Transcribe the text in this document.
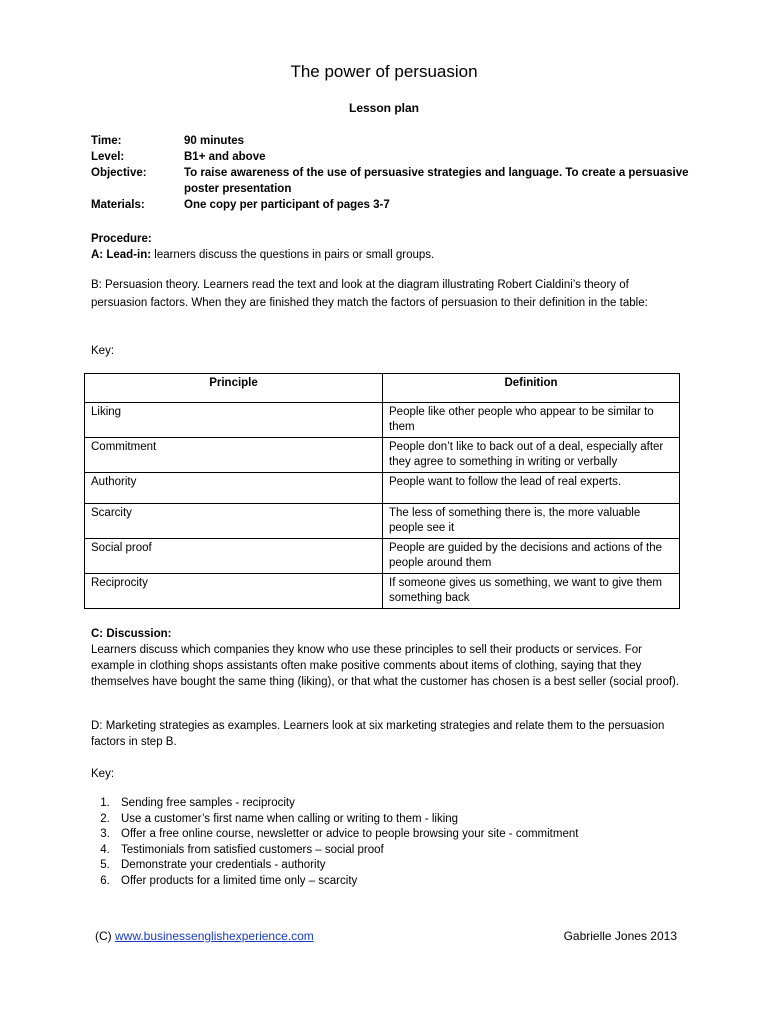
The power of persuasion
Lesson plan
Time:	90 minutes
Level:	B1+ and above
Objective:	To raise awareness of the use of persuasive strategies and language. To create a persuasive poster presentation
Materials:	One copy per participant of pages 3-7
Procedure:
A: Lead-in: learners discuss the questions in pairs or small groups.
B: Persuasion theory. Learners read the text and look at the diagram illustrating Robert Cialdini’s theory of persuasion factors. When they are finished they match the factors of persuasion to their definition in the table:
Key:
Principle	Definition
Liking	People like other people who appear to be similar to them
Commitment	People don’t like to back out of a deal, especially after they agree to something in writing or verbally
Authority	People want to follow the lead of real experts.
Scarcity	The less of something there is, the more valuable people see it
Social proof	People are guided by the decisions and actions of the people around them
Reciprocity	If someone gives us something, we want to give them something back
C: Discussion:
Learners discuss which companies they know who use these principles to sell their products or services. For example in clothing shops assistants often make positive comments about items of clothing, saying that they themselves have bought the same thing (liking), or that what the customer has chosen is a best seller (social proof).
D: Marketing strategies as examples. Learners look at six marketing strategies and relate them to the persuasion factors in step B.
Key:
1. Sending free samples - reciprocity
2. Use a customer’s first name when calling or writing to them - liking
3. Offer a free online course, newsletter or advice to people browsing your site - commitment
4. Testimonials from satisfied customers – social proof
5. Demonstrate your credentials - authority
6. Offer products for a limited time only – scarcity
(C) www.businessenglishexperience.com	Gabrielle Jones 2013
